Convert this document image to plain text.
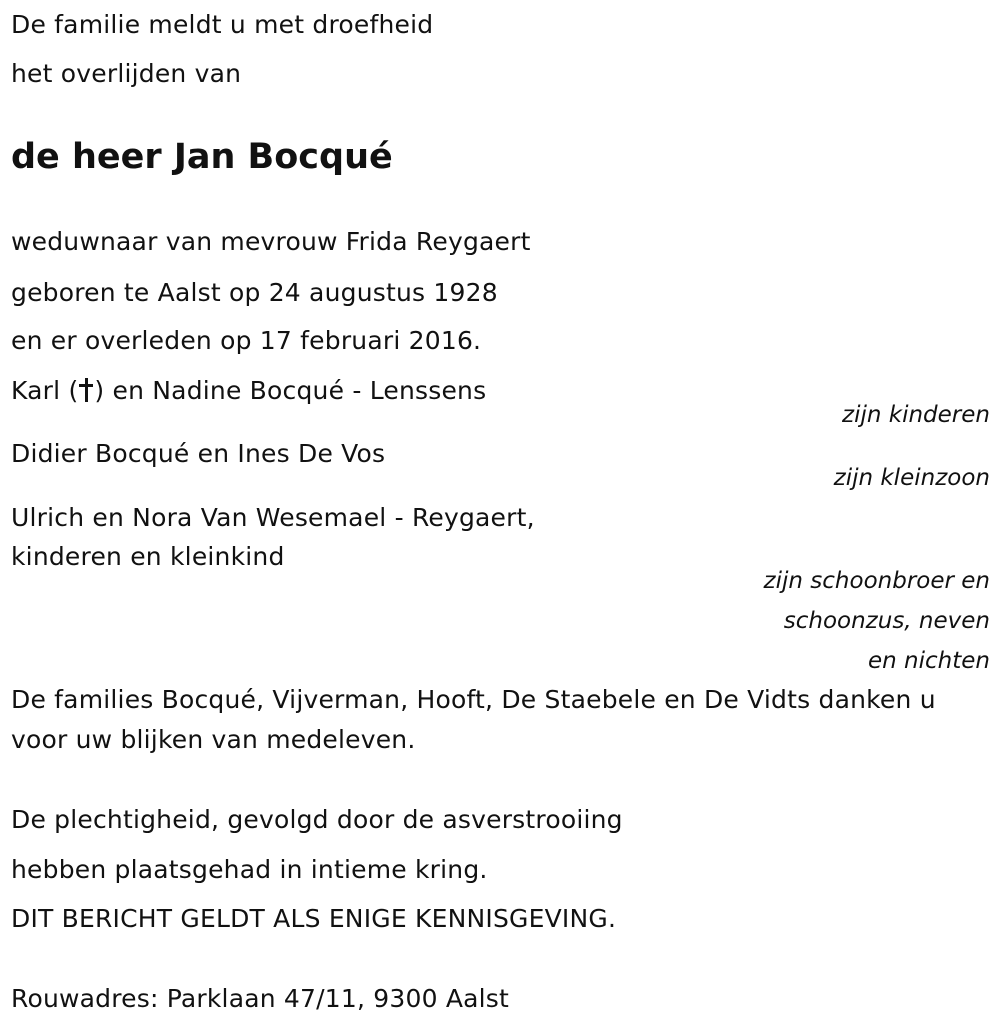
De familie meldt u met droefheid
het overlijden van
de heer Jan Bocqué
weduwnaar van mevrouw Frida Reygaert
geboren te Aalst op 24 augustus 1928
en er overleden op 17 februari 2016.
Karl ( ) en Nadine Bocqué - Lenssens
zijn kinderen
Didier Bocqué en Ines De Vos
zijn kleinzoon
Ulrich en Nora Van Wesemael - Reygaert,
kinderen en kleinkind
zijn schoonbroer en
schoonzus, neven
en nichten
De families Bocqué, Vijverman, Hooft, De Staebele en De Vidts danken u
voor uw blijken van medeleven.
De plechtigheid, gevolgd door de asverstrooiing
hebben plaatsgehad in intieme kring.
DIT BERICHT GELDT ALS ENIGE KENNISGEVING.
Rouwadres: Parklaan 47/11, 9300 Aalst
